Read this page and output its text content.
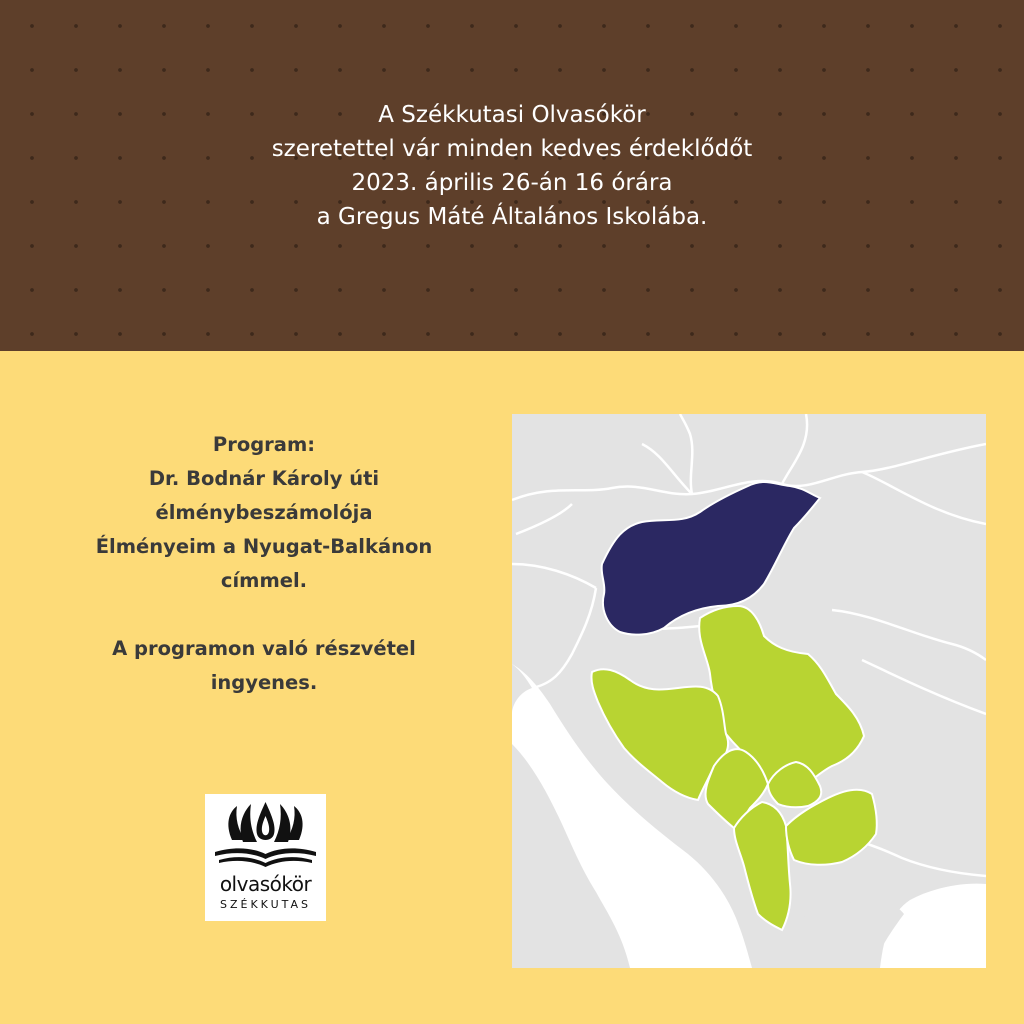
A Székkutasi Olvasókör
szeretettel vár minden kedves érdeklődőt
2023. április 26-án 16 órára
a Gregus Máté Általános Iskolába.
Program:
Dr. Bodnár Károly úti
élménybeszámolója
Élményeim a Nyugat-Balkánon
címmel.
A programon való részvétel
ingyenes.
olvasókör
SZÉKKUTAS
